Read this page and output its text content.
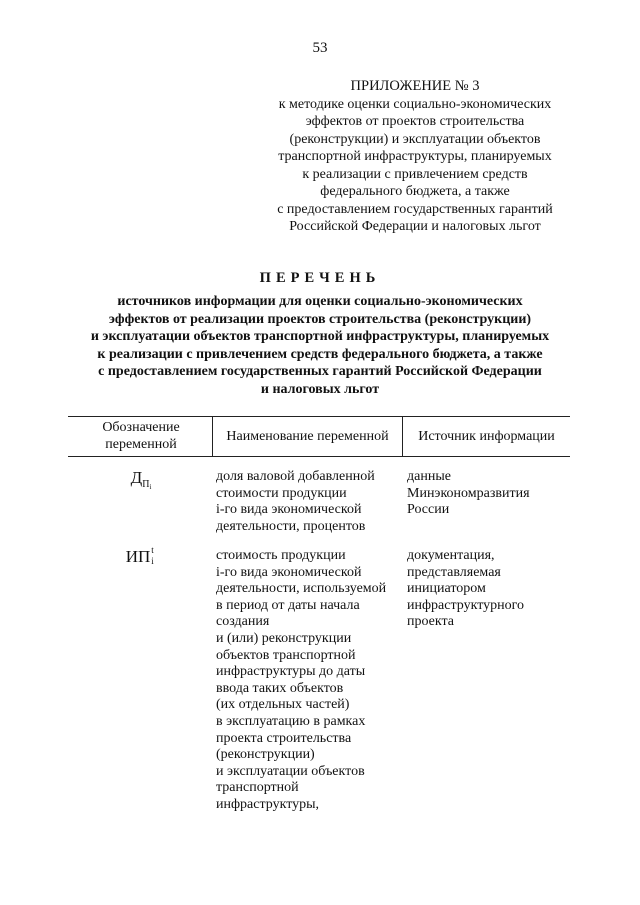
53
ПРИЛОЖЕНИЕ № 3
к методике оценки социально-экономических
эффектов от проектов строительства
(реконструкции) и эксплуатации объектов
транспортной инфраструктуры, планируемых
к реализации с привлечением средств
федерального бюджета, а также
с предоставлением государственных гарантий
Российской Федерации и налоговых льгот
ПЕРЕЧЕНЬ
источников информации для оценки социально-экономических
эффектов от реализации проектов строительства (реконструкции)
и эксплуатации объектов транспортной инфраструктуры, планируемых
к реализации с привлечением средств федерального бюджета, а также
с предоставлением государственных гарантий Российской Федерации
и налоговых льгот
Обозначение
переменной
Наименование переменной	Источник информации
$Д_{П_i}$
доля валовой добавленной
стоимости продукции
i-го вида экономической
деятельности, процентов
данные
Минэкономразвития
России
ИП t
i	стоимость продукции
i-го вида экономической
деятельности, используемой
в период от даты начала
создания
и (или) реконструкции
объектов транспортной
инфраструктуры до даты
ввода таких объектов
(их отдельных частей)
в эксплуатацию в рамках
проекта строительства
(реконструкции)
и эксплуатации объектов
транспортной
инфраструктуры,
документация,
представляемая
инициатором
инфраструктурного
проекта
